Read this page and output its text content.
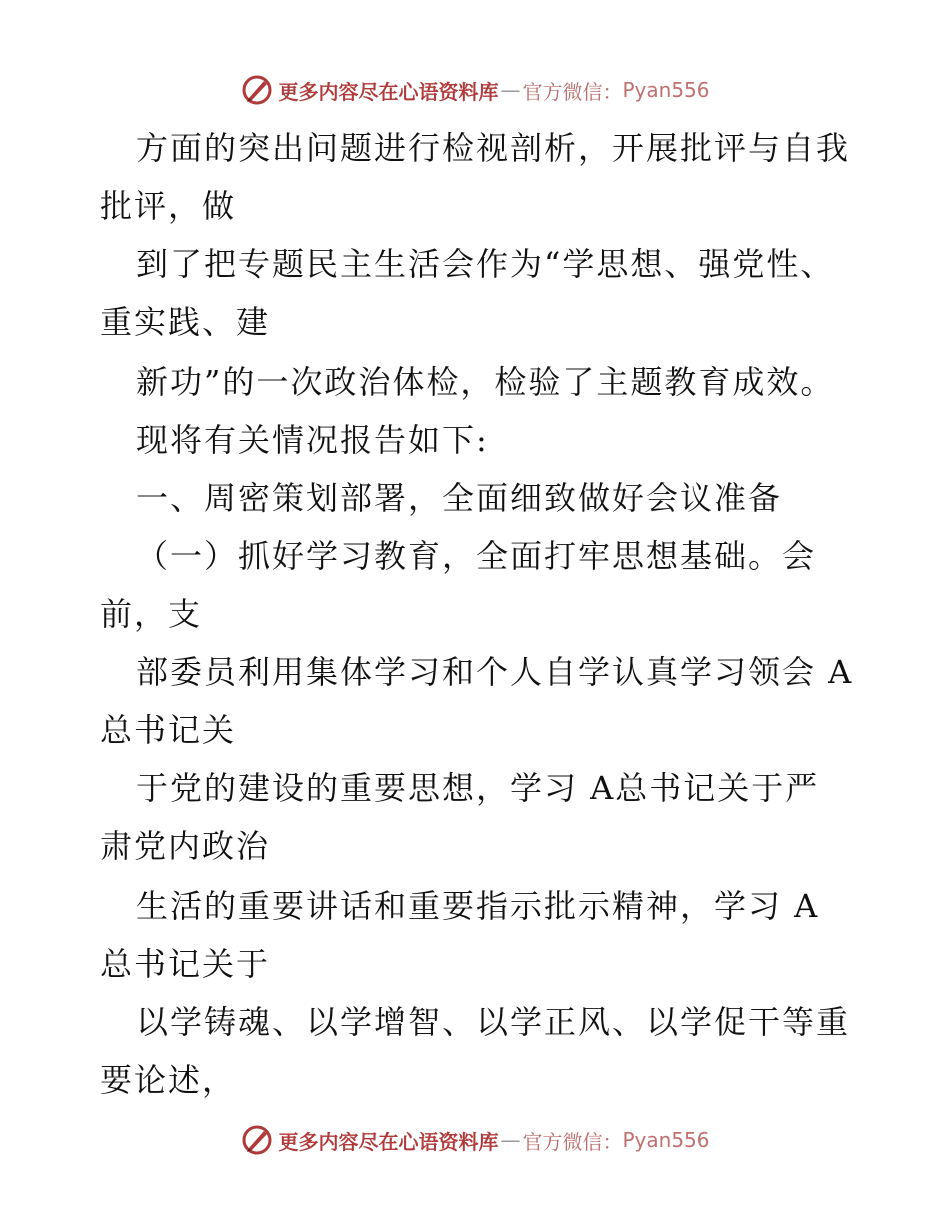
更多内容尽在心语资料库 — 官方微信： Pyan556
方面的突出问题进行检视剖析，开展批评与自我
批评，做
到了把专题民主生活会作为“学思想、强党性、
重实践、建
新功”的一次政治体检，检验了主题教育成效。
现将有关情况报告如下:
一、周密策划部署，全面细致做好会议准备
（一）抓好学习教育，全面打牢思想基础。会
前，支
部委员利用集体学习和个人自学认真学习领会 A
总书记关
于党的建设的重要思想，学习 A总书记关于严
肃党内政治
生活的重要讲话和重要指示批示精神，学习 A
总书记关于
以学铸魂、以学增智、以学正风、以学促干等重
要论述，
更多内容尽在心语资料库 — 官方微信： Pyan556
